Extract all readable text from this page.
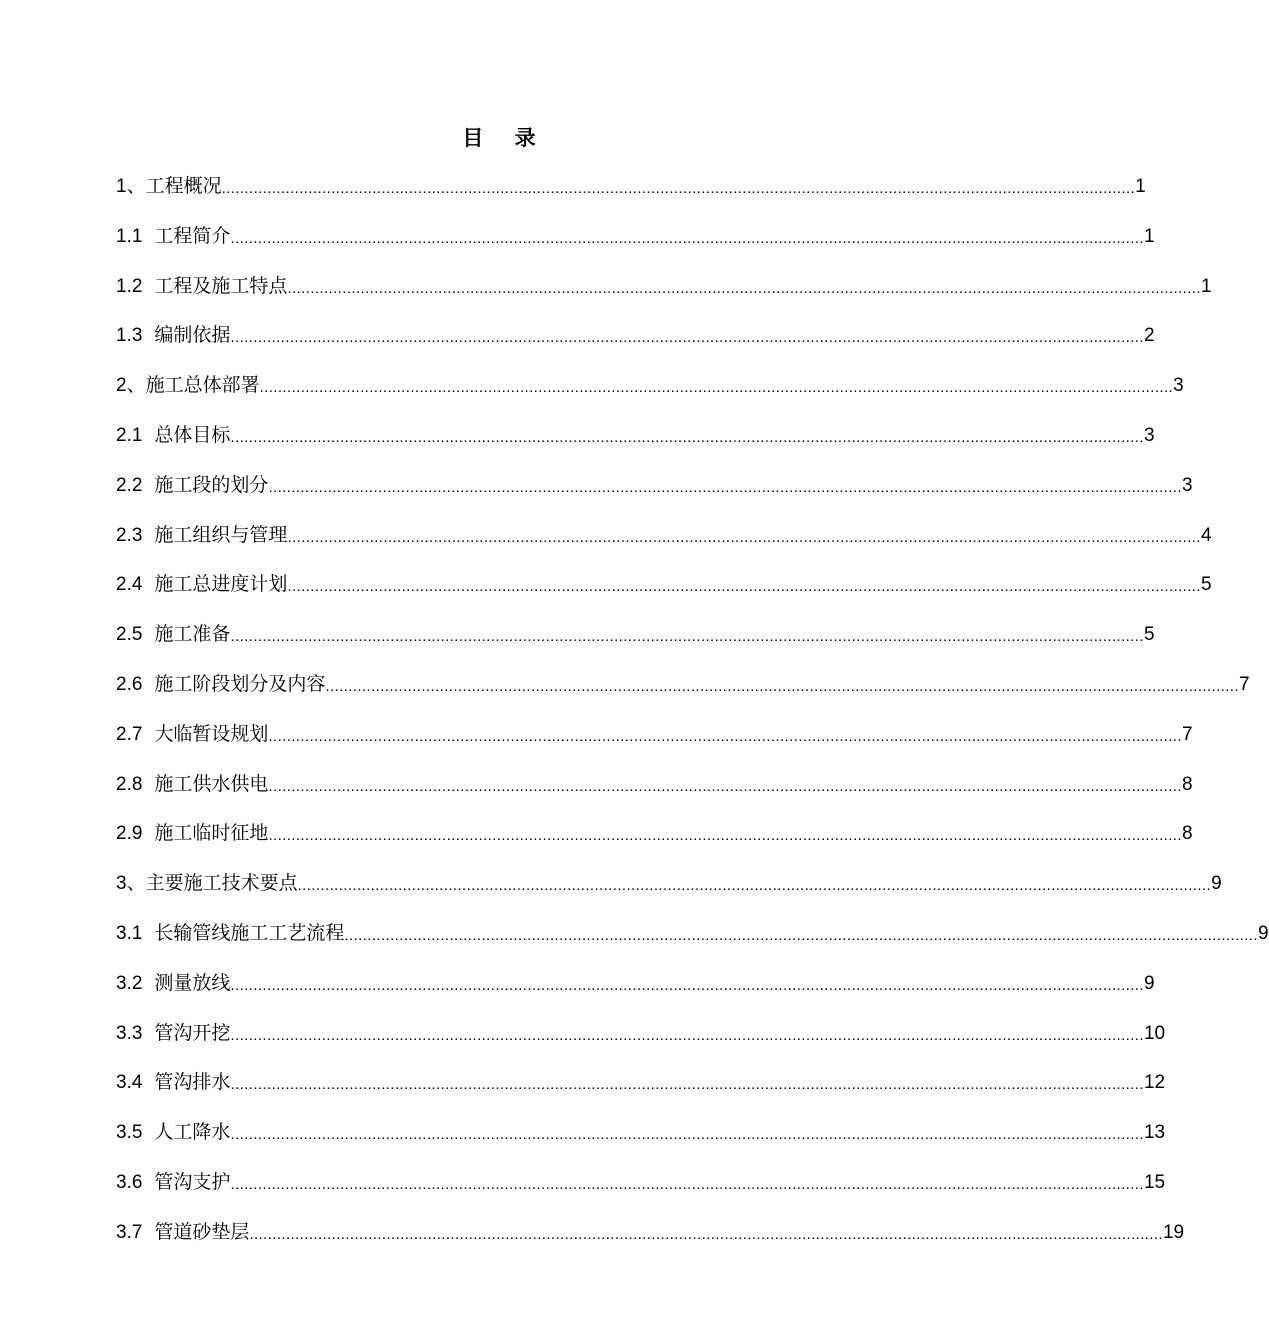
目 录
1、工程概况 ........................................................................................................................................................................................................ 1
1.1 工程简介 ........................................................................................................................................................................................................ 1
1.2 工程及施工特点 ........................................................................................................................................................................................................ 1
1.3 编制依据 ........................................................................................................................................................................................................ 2
2、施工总体部署 ........................................................................................................................................................................................................ 3
2.1 总体目标 ........................................................................................................................................................................................................ 3
2.2 施工段的划分 ........................................................................................................................................................................................................ 3
2.3 施工组织与管理 ........................................................................................................................................................................................................ 4
2.4 施工总进度计划 ........................................................................................................................................................................................................ 5
2.5 施工准备 ........................................................................................................................................................................................................ 5
2.6 施工阶段划分及内容 ........................................................................................................................................................................................................ 7
2.7 大临暂设规划 ........................................................................................................................................................................................................ 7
2.8 施工供水供电 ........................................................................................................................................................................................................ 8
2.9 施工临时征地 ........................................................................................................................................................................................................ 8
3、主要施工技术要点 ........................................................................................................................................................................................................ 9
3.1 长输管线施工工艺流程 ........................................................................................................................................................................................................ 9
3.2 测量放线 ........................................................................................................................................................................................................ 9
3.3 管沟开挖 ........................................................................................................................................................................................................ 10
3.4 管沟排水 ........................................................................................................................................................................................................ 12
3.5 人工降水 ........................................................................................................................................................................................................ 13
3.6 管沟支护 ........................................................................................................................................................................................................ 15
3.7 管道砂垫层 ........................................................................................................................................................................................................ 19
